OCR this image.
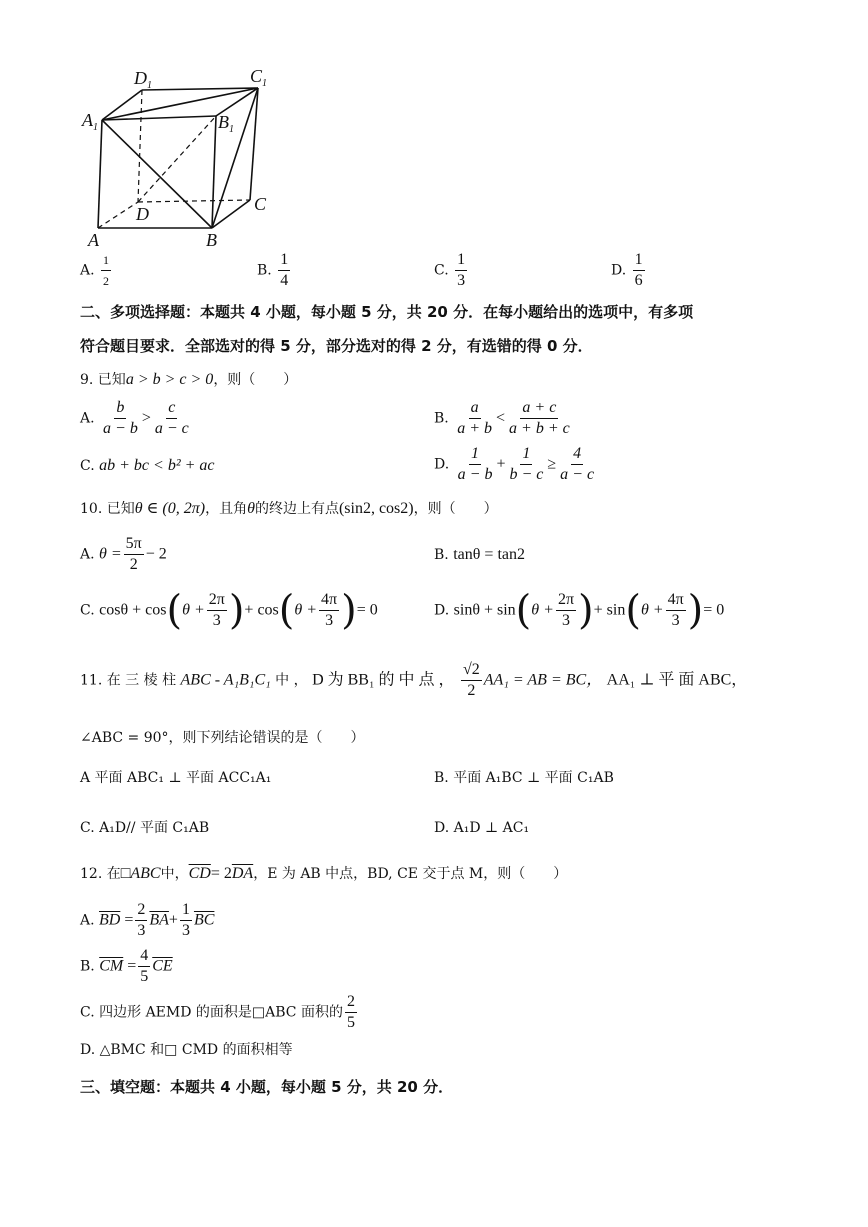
$D_1$	$C_1$
$A_1$	$B_1$
D	C
A	B
A. $\frac{1}{2}$	B. $\frac{1}{4}$	C. $\frac{1}{3}$	D. $\frac{1}{6}$
二、多项选择题：本题共 4 小题，每小题 5 分，共 20 分．在每小题给出的选项中，有多项
符合题目要求．全部选对的得 5 分，部分选对的得 2 分，有选错的得 0 分．
9. 已知a > b > c > 0，则（　　）
A. $\frac{b}{a - b} > \frac{c}{a - c}$	B. $\frac{a}{a + b} < \frac{a + c}{a + b + c}$
C. ab + bc < b² + ac	D. $\frac{1}{a - b} + \frac{1}{b - c} \ge \frac{4}{a - c}$
10. 已知θ ∈ (0, 2π)，且角θ的终边上有点(sin2, cos2)，则（　　）
A. $\theta = \frac{5\pi}{2} - 2$	B. tanθ = tan2
C. $\cos\theta + \cos(\theta + \frac{2\pi}{3}$ )+ $\cos(\theta + \frac{4\pi}{3}$ )= 0	D. $\sin\theta + \sin(\theta + \frac{2\pi}{3}$ )+ $\sin(\theta + \frac{4\pi}{3}$ )= 0
11. 在 三 棱 柱 ABC - A₁B₁C₁ 中 ， D 为 BB₁ 的 中 点 ， $\frac{√2}{2} AA_1$ = AB = BC， AA₁ ⊥ 平 面 ABC，
∠ABC = 90°，则下列结论错误的是（　　）
A 平面 ABC₁ ⊥ 平面 ACC₁A₁	B. 平面 A₁BC ⊥ 平面 C₁AB
C. A₁D// 平面 C₁AB	D. A₁D ⊥ AC₁
12. 在□ABC中，$\overline{CD}= 2\overline{DA}$，E 为 AB 中点，BD, CE 交于点 M，则（　　）
A. $\overline{BD} = \frac{2}{3} \overline{BA}+ \frac{1}{3} \overline{BC}$
B. $\overline{CM} = \frac{4}{5} \overline{CE}$
C. 四边形 AEMD 的面积是□ABC 面积的 $\frac{2}{5}$
D. △BMC 和□ CMD 的面积相等
三、填空题：本题共 4 小题，每小题 5 分，共 20 分．
